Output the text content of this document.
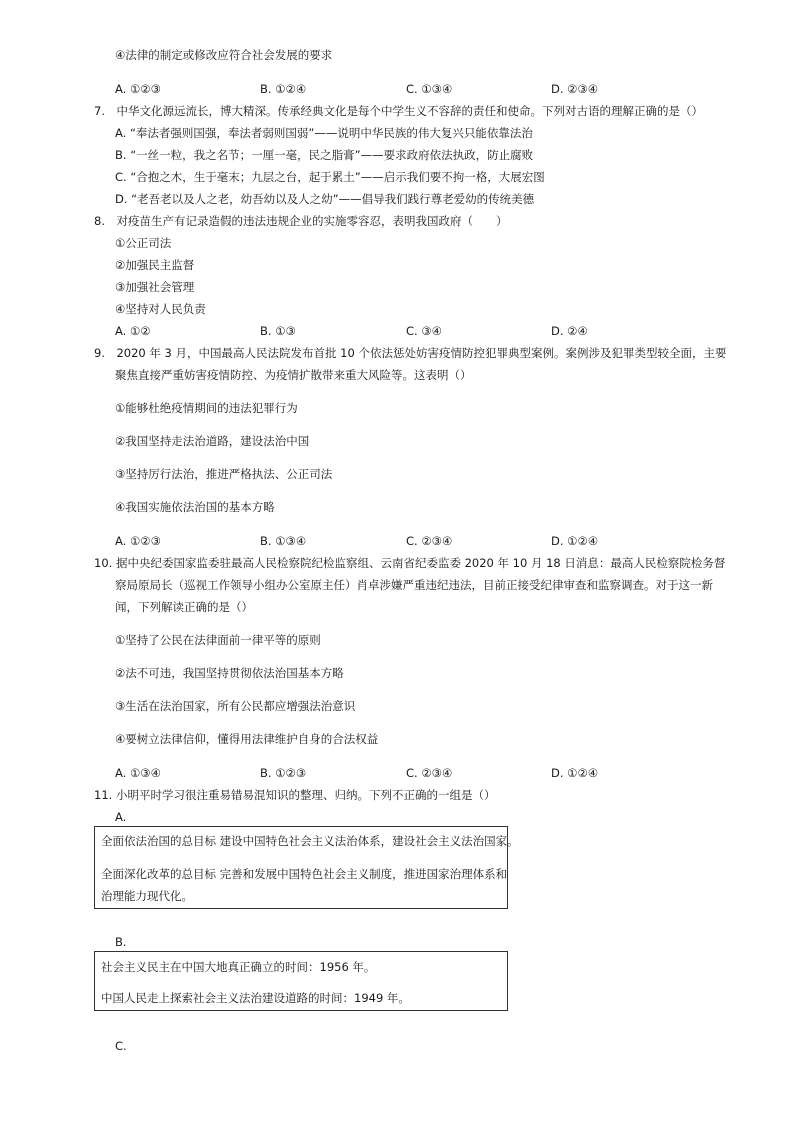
④法律的制定或修改应符合社会发展的要求
A. ①②③	B. ①②④	C. ①③④	D. ②③④
7.　中华文化源远流长，博大精深。传承经典文化是每个中学生义不容辞的责任和使命。下列对古语的理解正确的是（）
A. “奉法者强则国强，奉法者弱则国弱”——说明中华民族的伟大复兴只能依靠法治
B. “一丝一粒，我之名节；一厘一毫，民之脂膏”——要求政府依法执政，防止腐败
C. “合抱之木，生于毫末；九层之台，起于累土”——启示我们要不拘一格，大展宏图
D. “老吾老以及人之老，幼吾幼以及人之幼”——倡导我们践行尊老爱幼的传统美德
8.　对疫苗生产有记录造假的违法违规企业的实施零容忍，表明我国政府（　　）
①公正司法
②加强民主监督
③加强社会管理
④坚持对人民负责
A. ①②	B. ①③	C. ③④	D. ②④
9.　2020 年 3 月，中国最高人民法院发布首批 10 个依法惩处妨害疫情防控犯罪典型案例。案例涉及犯罪类型较全面，主要
聚焦直接严重妨害疫情防控、为疫情扩散带来重大风险等。这表明（）
①能够杜绝疫情期间的违法犯罪行为
②我国坚持走法治道路，建设法治中国
③坚持厉行法治，推进严格执法、公正司法
④我国实施依法治国的基本方略
A. ①②③	B. ①③④	C. ②③④	D. ①②④
10. 据中央纪委国家监委驻最高人民检察院纪检监察组、云南省纪委监委 2020 年 10 月 18 日消息：最高人民检察院检务督
察局原局长（巡视工作领导小组办公室原主任）肖卓涉嫌严重违纪违法，目前正接受纪律审查和监察调查。对于这一新
闻，下列解读正确的是（）
①坚持了公民在法律面前一律平等的原则
②法不可违，我国坚持贯彻依法治国基本方略
③生活在法治国家，所有公民都应增强法治意识
④要树立法律信仰，懂得用法律维护自身的合法权益
A. ①③④	B. ①②③	C. ②③④	D. ①②④
11. 小明平时学习很注重易错易混知识的整理、归纳。下列不正确的一组是（）
A.
全面依法治国的总目标 建设中国特色社会主义法治体系，建设社会主义法治国家。
全面深化改革的总目标 完善和发展中国特色社会主义制度，推进国家治理体系和
治理能力现代化。
B.
社会主义民主在中国大地真正确立的时间：1956 年。
中国人民走上探索社会主义法治建设道路的时间：1949 年。
C.
